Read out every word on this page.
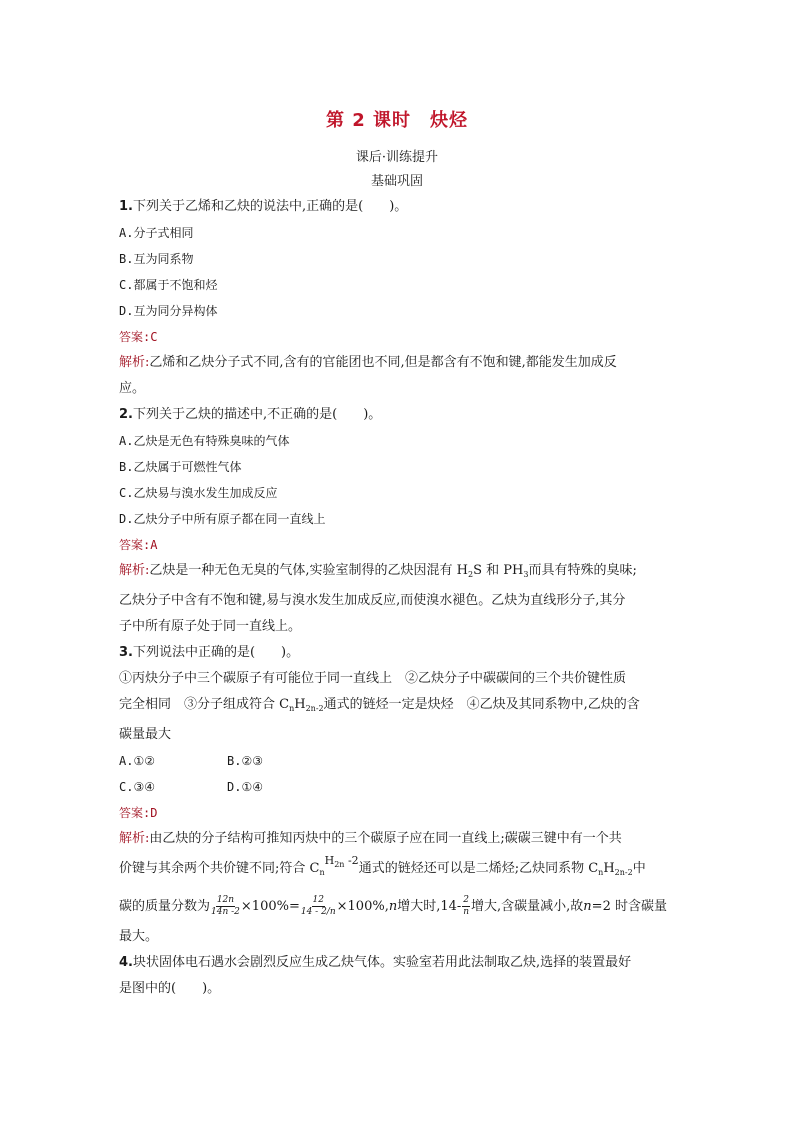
第 2 课时　炔烃
课后·训练提升
基础巩固
1.下列关于乙烯和乙炔的说法中,正确的是(　　)。
A.分子式相同
B.互为同系物
C.都属于不饱和烃
D.互为同分异构体
答案:C
解析:乙烯和乙炔分子式不同,含有的官能团也不同,但是都含有不饱和键,都能发生加成反
应。
2.下列关于乙炔的描述中,不正确的是(　　)。
A.乙炔是无色有特殊臭味的气体
B.乙炔属于可燃性气体
C.乙炔易与溴水发生加成反应
D.乙炔分子中所有原子都在同一直线上
答案:A
解析:乙炔是一种无色无臭的气体,实验室制得的乙炔因混有 $H_2S$ 和 $PH_3$而具有特殊的臭味;
乙炔分子中含有不饱和键,易与溴水发生加成反应,而使溴水褪色。乙炔为直线形分子,其分
子中所有原子处于同一直线上。
3.下列说法中正确的是(　　)。
①丙炔分子中三个碳原子有可能位于同一直线上　②乙炔分子中碳碳间的三个共价键性质
完全相同　③分子组成符合 $C_nH_{2n-2}$通式的链烃一定是炔烃　④乙炔及其同系物中,乙炔的含
碳量最大
A.①②	B.②③
C.③④	D.①④
答案:D
解析:由乙炔的分子结构可推知丙炔中的三个碳原子应在同一直线上;碳碳三键中有一个共
价键与其余两个共价键不同;符合 $C_n^{H_{2n} -2}$通式的链烃还可以是二烯烃;乙炔同系物 $C_nH_{2n-2}$中
碳的质量分数为 $\frac{12n}{14n -2} \times 100\%= \frac{12}{14 - 2/n} \times 100\%,n$增大时$,14- \frac{2}{n}$ 增大,含碳量减小,故n=2 时含碳量
最大。
4.块状固体电石遇水会剧烈反应生成乙炔气体。实验室若用此法制取乙炔,选择的装置最好
是图中的(　　)。
